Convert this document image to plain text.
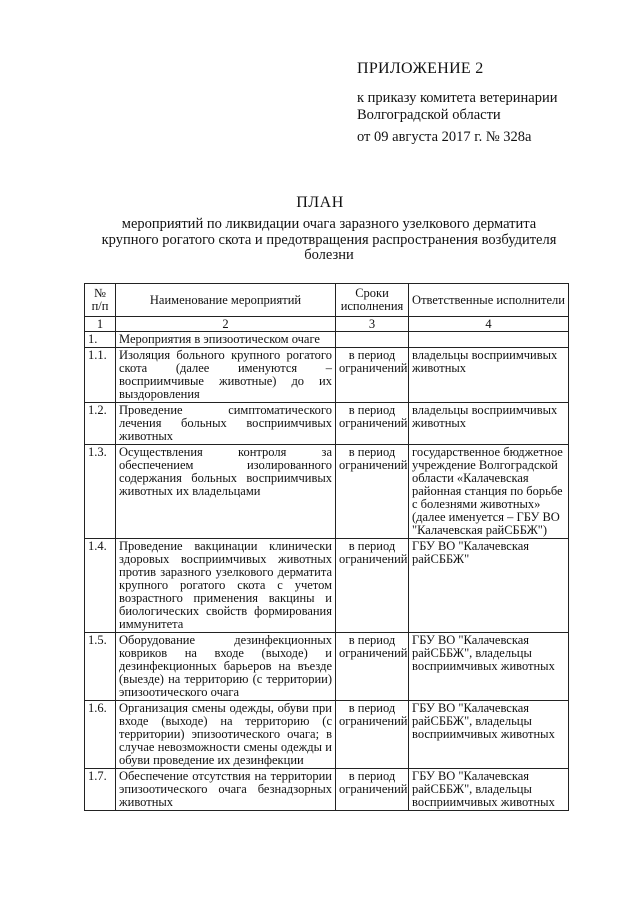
ПРИЛОЖЕНИЕ 2
к приказу комитета ветеринарии
Волгоградской области
от 09 августа 2017 г. № 328а
ПЛАН
мероприятий по ликвидации очага заразного узелкового дерматита крупного рогатого скота и предотвращения распространения возбудителя болезни
№ п/п	Наименование мероприятий	Сроки исполнения	Ответственные исполнители
1	2	3	4
1.	Мероприятия в эпизоотическом очаге		
1.1.	Изоляция больного крупного рогатого скота (далее именуются – восприимчивые животные) до их выздоровления	в период ограничений	владельцы восприимчивых животных
1.2.	Проведение симптоматического лечения больных восприимчивых животных	в период ограничений	владельцы восприимчивых животных
1.3.	Осуществления контроля за обеспечением изолированного содержания больных восприимчивых животных их владельцами	в период ограничений	государственное бюджетное учреждение Волгоградской области «Калачевская районная станция по борьбе с болезнями животных» (далее именуется – ГБУ ВО "Калачевская райСББЖ")
1.4.	Проведение вакцинации клинически здоровых восприимчивых животных против заразного узелкового дерматита крупного рогатого скота с учетом возрастного применения вакцины и биологических свойств формирования иммунитета	в период ограничений	ГБУ ВО "Калачевская райСББЖ"
1.5.	Оборудование дезинфекционных ковриков на входе (выходе) и дезинфекционных барьеров на въезде (выезде) на территорию (с территории) эпизоотического очага	в период ограничений	ГБУ ВО "Калачевская райСББЖ", владельцы восприимчивых животных
1.6.	Организация смены одежды, обуви при входе (выходе) на территорию (с территории) эпизоотического очага; в случае невозможности смены одежды и обуви проведение их дезинфекции	в период ограничений	ГБУ ВО "Калачевская райСББЖ", владельцы восприимчивых животных
1.7.	Обеспечение отсутствия на территории эпизоотического очага безнадзорных животных	в период ограничений	ГБУ ВО "Калачевская райСББЖ", владельцы восприимчивых животных
